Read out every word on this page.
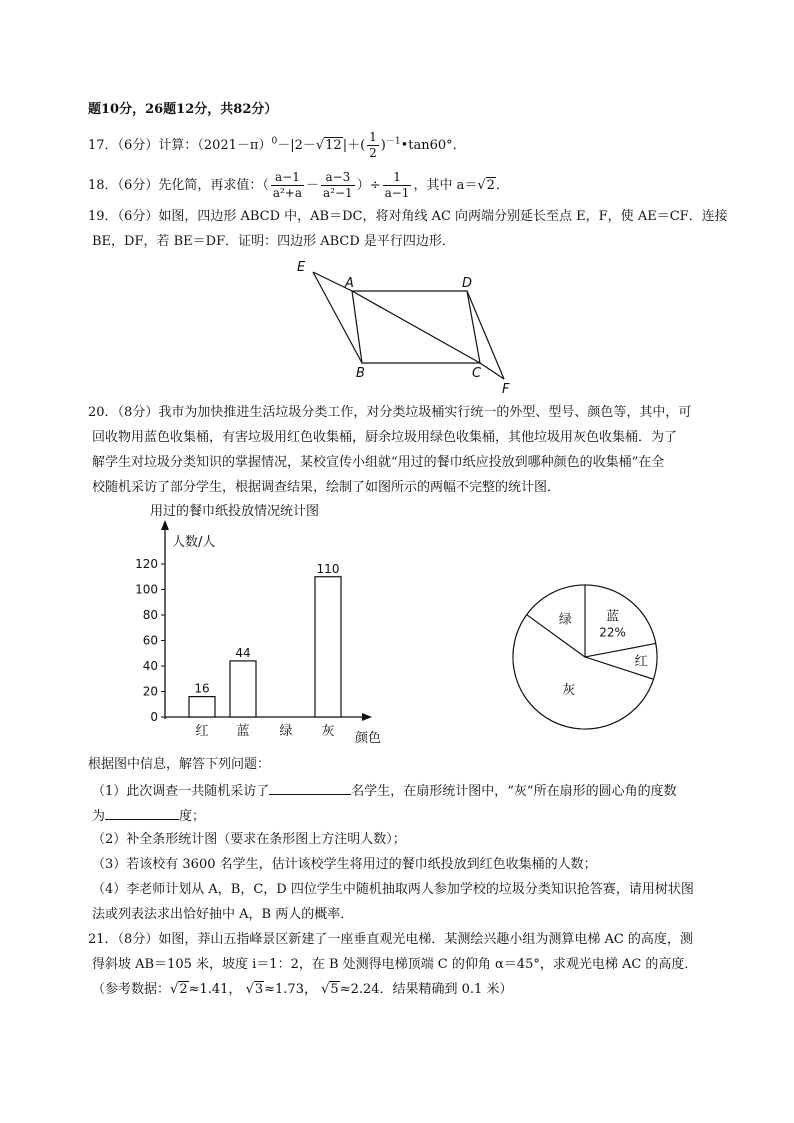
题10分，26题12分，共82分）
17．（6分）计算：$(2021-\pi)^0-|2-√12|+( \frac{1}{2}$ )$^{-1}•\tan 60^\circ$．
18．（6分）先化简，再求值：（ $\frac{a-1}{\text{a²+a}} - \frac{a-3}{\text{a²−1}}$ ）÷ $\frac{1}{a-1}$ ，其中 a＝√2．
19．（6分）如图，四边形 ABCD 中，AB＝DC，将对角线 AC 向两端分别延长至点 E，F，使 AE＝CF．连接
BE，DF，若 BE＝DF．证明：四边形 ABCD 是平行四边形．
E
A	D
B	C
F
20．（8分）我市为加快推进生活垃圾分类工作，对分类垃圾桶实行统一的外型、型号、颜色等，其中，可
回收物用蓝色收集桶，有害垃圾用红色收集桶，厨余垃圾用绿色收集桶，其他垃圾用灰色收集桶．为了
解学生对垃圾分类知识的掌握情况，某校宣传小组就“用过的餐巾纸应投放到哪种颜色的收集桶”在全
校随机采访了部分学生，根据调查结果，绘制了如图所示的两幅不完整的统计图．
用过的餐巾纸投放情况统计图
人数/人
颜色
0
20
40
60
80
100
120
红
16
蓝
44
绿 灰
110
蓝
22%
红
灰
绿
根据图中信息，解答下列问题：
（1）此次调查一共随机采访了	名学生，在扇形统计图中，“灰”所在扇形的圆心角的度数
为	度；
（2）补全条形统计图（要求在条形图上方注明人数）；
（3）若该校有 3600 名学生，估计该校学生将用过的餐巾纸投放到红色收集桶的人数；
（4）李老师计划从 A，B，C，D 四位学生中随机抽取两人参加学校的垃圾分类知识抢答赛，请用树状图
法或列表法求出恰好抽中 A，B 两人的概率．
21．（8分）如图，莽山五指峰景区新建了一座垂直观光电梯．某测绘兴趣小组为测算电梯 AC 的高度，测
得斜坡 AB＝105 米，坡度 i＝1：2，在 B 处测得电梯顶端 C 的仰角 α＝45°，求观光电梯 AC 的高度．
（参考数据：√2≈1.41， √3≈1.73， √5≈2.24．结果精确到 0.1 米）
